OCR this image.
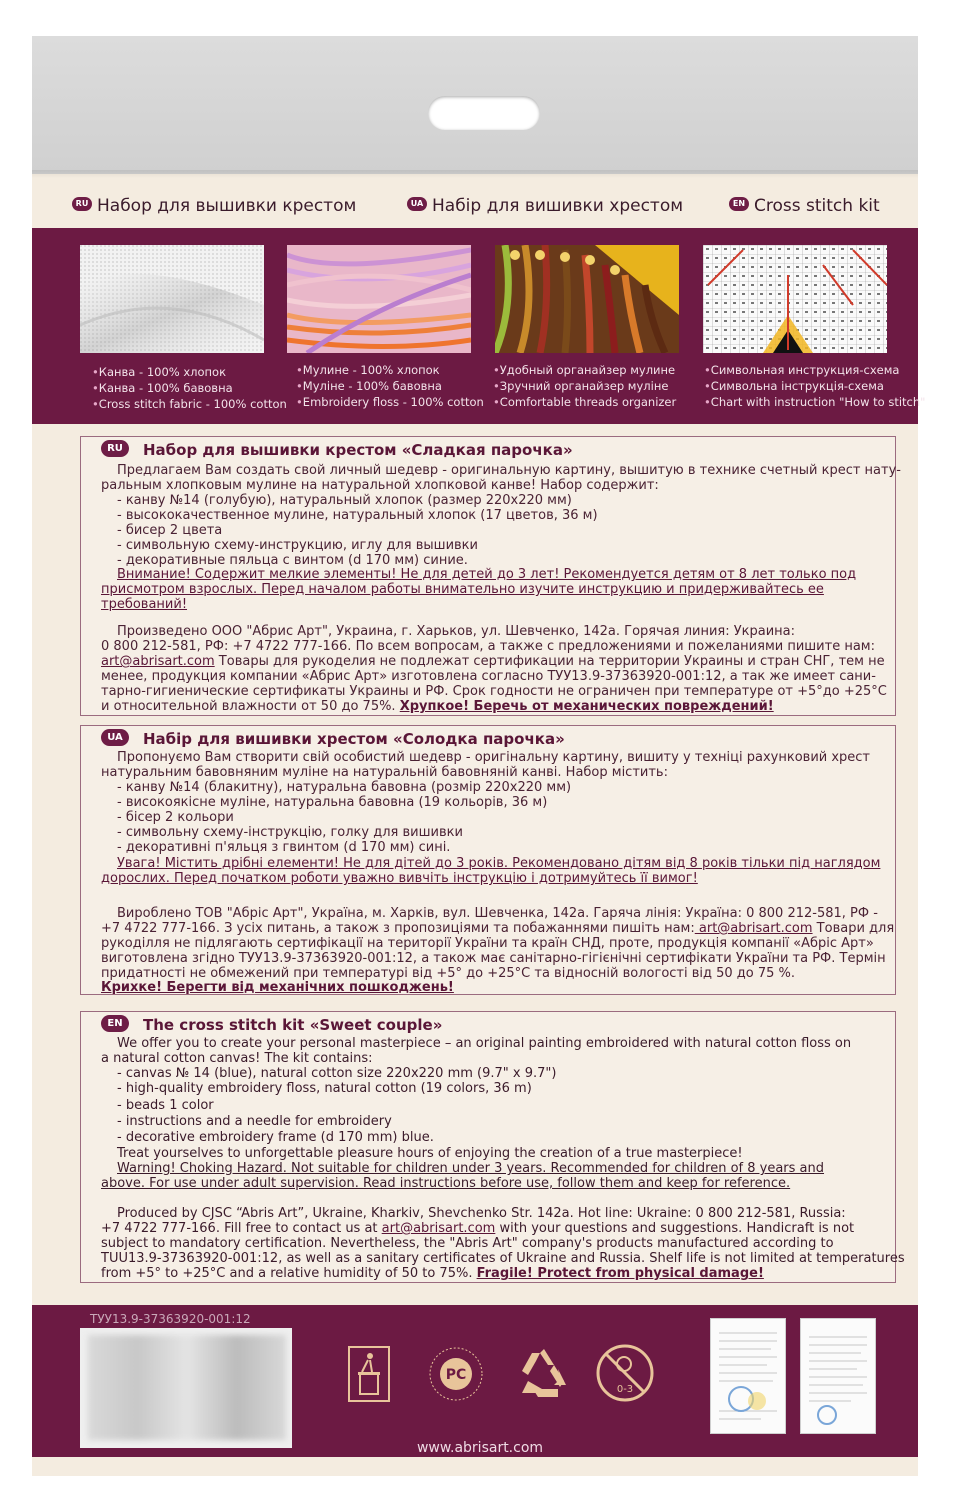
RU Набор для вышивки крестом	UA Набір для вишивки хрестом	EN Cross stitch kit
• Канва - 100% хлопок
• Канва - 100% бавовна
• Cross stitch fabric - 100% cotton
• Мулине - 100% хлопок
• Муліне - 100% бавовна
• Embroidery floss - 100% cotton
• Удобный органайзер мулине
• Зручний органайзер муліне
• Comfortable threads organizer
• Символьная инструкция-схема
• Символьна інструкція-схема
• Chart with instruction "How to stitch"
RU Набор для вышивки крестом «Сладкая парочка»
Предлагаем Вам создать свой личный шедевр - оригинальную картину, вышитую в технике счетный крест нату-
ральным хлопковым мулине на натуральной хлопковой канве! Набор содержит:
- канву №14 (голубую), натуральный хлопок (размер 220х220 мм)
- высококачественное мулине, натуральный хлопок (17 цветов, 36 м)
- бисер 2 цвета
- символьную схему-инструкцию, иглу для вышивки
- декоративные пяльца с винтом (d 170 мм) синие.
Внимание! Содержит мелкие элементы! Не для детей до 3 лет! Рекомендуется детям от 8 лет только под
присмотром взрослых. Перед началом работы внимательно изучите инструкцию и придерживайтесь ее
требований!
Произведено ООО "Абрис Арт", Украина, г. Харьков, ул. Шевченко, 142а. Горячая линия: Украина:
0 800 212-581, РФ: +7 4722 777-166. По всем вопросам, а также с предложениями и пожеланиями пишите нам:
art@abrisart.com Товары для рукоделия не подлежат сертификации на территории Украины и стран СНГ, тем не
менее, продукция компании «Абрис Арт» изготовлена согласно ТУУ13.9-37363920-001:12, а так же имеет сани-
тарно-гигиенические сертификаты Украины и РФ. Срок годности не ограничен при температуре от +5°до +25°С
и относительной влажности от 50 до 75%. Хрупкое! Беречь от механических повреждений!
UA Набір для вишивки хрестом «Солодка парочка»
Пропонуємо Вам створити свій особистий шедевр - оригінальну картину, вишиту у техніці рахунковий хрест
натуральним бавовняним муліне на натуральній бавовняній канві. Набор містить:
- канву №14 (блакитну), натуральна бавовна (розмір 220х220 мм)
- високоякісне муліне, натуральна бавовна (19 кольорів, 36 м)
- бісер 2 кольори
- символьну схему-інструкцію, голку для вишивки
- декоративні п'яльця з гвинтом (d 170 мм) сині.
Увага! Містить дрібні елементи! Не для дітей до 3 років. Рекомендовано дітям від 8 років тільки під наглядом
дорослих. Перед початком роботи уважно вивчіть інструкцію і дотримуйтесь її вимог!
Вироблено ТОВ "Абріс Арт", Україна, м. Харків, вул. Шевченка, 142а. Гаряча лінія: Україна: 0 800 212-581, РФ -
+7 4722 777-166. З усіх питань, а також з пропозиціями та побажаннями пишіть нам: art@abrisart.com Товари для
рукоділля не підлягають сертифікації на території України та країн СНД, проте, продукція компанії «Абріс Арт»
виготовлена згідно ТУУ13.9-37363920-001:12, а також має санітарно-гігієнічні сертифікати України та РФ. Термін
придатності не обмежений при температурі від +5° до +25°С та відносній вологості від 50 до 75 %.
Крихке! Берегти від механічних пошкоджень!
EN The cross stitch kit «Sweet couple»
We offer you to create your personal masterpiece – an original painting embroidered with natural cotton floss on
a natural cotton canvas! The kit contains:
- canvas № 14 (blue), natural cotton size 220x220 mm (9.7" x 9.7")
- high-quality embroidery floss, natural cotton (19 colors, 36 m)
- beads 1 color
- instructions and a needle for embroidery
- decorative embroidery frame (d 170 mm) blue.
Treat yourselves to unforgettable pleasure hours of enjoying the creation of a true masterpiece!
Warning! Choking Hazard. Not suitable for children under 3 years. Recommended for children of 8 years and
above. For use under adult supervision. Read instructions before use, follow them and keep for reference.
Produced by CJSC “Abris Art”, Ukraine, Kharkiv, Shevchenko Str. 142a. Hot line: Ukraine: 0 800 212-581, Russia:
+7 4722 777-166. Fill free to contact us at art@abrisart.com with your questions and suggestions. Handicraft is not
subject to mandatory certification. Nevertheless, the "Abris Art" company's products manufactured according to
TUU13.9-37363920-001:12, as well as a sanitary certificates of Ukraine and Russia. Shelf life is not limited at temperatures
from +5° to +25°C and a relative humidity of 50 to 75%. Fragile! Protect from physical damage!
ТУУ13.9-37363920-001:12
PC
0-3
www.abrisart.com
